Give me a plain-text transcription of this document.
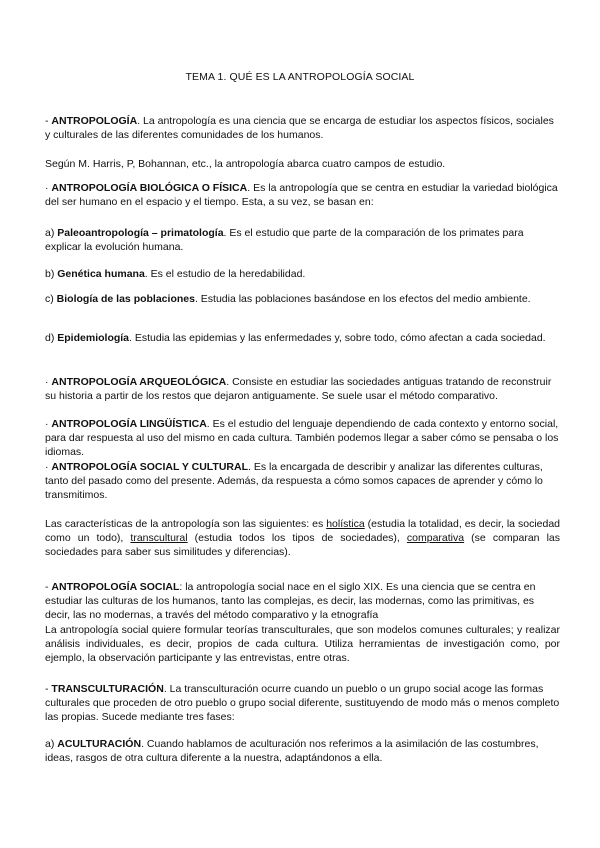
TEMA 1. QUÉ ES LA ANTROPOLOGÍA SOCIAL

- ANTROPOLOGÍA. La antropología es una ciencia que se encarga de estudiar los aspectos físicos, sociales y culturales de las diferentes comunidades de los humanos.

Según M. Harris, P, Bohannan, etc., la antropología abarca cuatro campos de estudio.

· ANTROPOLOGÍA BIOLÓGICA O FÍSICA. Es la antropología que se centra en estudiar la variedad biológica del ser humano en el espacio y el tiempo. Esta, a su vez, se basan en:

a) Paleoantropología – primatología. Es el estudio que parte de la comparación de los primates para explicar la evolución humana.

b) Genética humana. Es el estudio de la heredabilidad.

c) Biología de las poblaciones. Estudia las poblaciones basándose en los efectos del medio ambiente.

d) Epidemiología. Estudia las epidemias y las enfermedades y, sobre todo, cómo afectan a cada sociedad.

· ANTROPOLOGÍA ARQUEOLÓGICA. Consiste en estudiar las sociedades antiguas tratando de reconstruir su historia a partir de los restos que dejaron antiguamente. Se suele usar el método comparativo.

· ANTROPOLOGÍA LINGÜÍSTICA. Es el estudio del lenguaje dependiendo de cada contexto y entorno social, para dar respuesta al uso del mismo en cada cultura. También podemos llegar a saber cómo se pensaba o los idiomas.

· ANTROPOLOGÍA SOCIAL Y CULTURAL. Es la encargada de describir y analizar las diferentes culturas, tanto del pasado como del presente. Además, da respuesta a cómo somos capaces de aprender y cómo lo transmitimos.

Las características de la antropología son las siguientes: es holística (estudia la totalidad, es decir, la sociedad como un todo), transcultural (estudia todos los tipos de sociedades), comparativa (se comparan las sociedades para saber sus similitudes y diferencias).

- ANTROPOLOGÍA SOCIAL: la antropología social nace en el siglo XIX. Es una ciencia que se centra en estudiar las culturas de los humanos, tanto las complejas, es decir, las modernas, como las primitivas, es decir, las no modernas, a través del método comparativo y la etnografía

La antropología social quiere formular teorías transculturales, que son modelos comunes culturales; y realizar análisis individuales, es decir, propios de cada cultura. Utiliza herramientas de investigación como, por ejemplo, la observación participante y las entrevistas, entre otras.

- TRANSCULTURACIÓN. La transculturación ocurre cuando un pueblo o un grupo social acoge las formas culturales que proceden de otro pueblo o grupo social diferente, sustituyendo de modo más o menos completo las propias. Sucede mediante tres fases:

a) ACULTURACIÓN. Cuando hablamos de aculturación nos referimos a la asimilación de las costumbres, ideas, rasgos de otra cultura diferente a la nuestra, adaptándonos a ella.
